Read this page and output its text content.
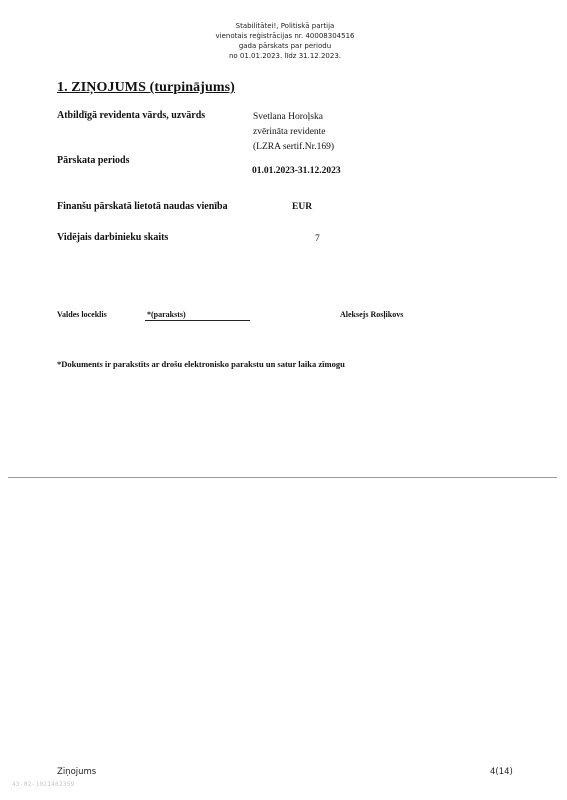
Stabilitātei!, Politiskā partija
vienotais reģistrācijas nr. 40008304516
gada pārskats par periodu
no 01.01.2023. līdz 31.12.2023.
1. ZIŅOJUMS (turpinājums)
Atbildīgā revidenta vārds, uzvārds	Svetlana Horoļska
zvērināta revidente
(LZRA sertif.Nr.169)
Pārskata periods
01.01.2023-31.12.2023
Finanšu pārskatā lietotā naudas vienība	EUR
Vidējais darbinieku skaits	7
Valdes loceklis	*(paraksts)	Aleksejs Rosļikovs
*Dokuments ir parakstīts ar drošu elektronisko parakstu un satur laika zīmogu
Ziņojums	4(14)
43-02-1021462359
